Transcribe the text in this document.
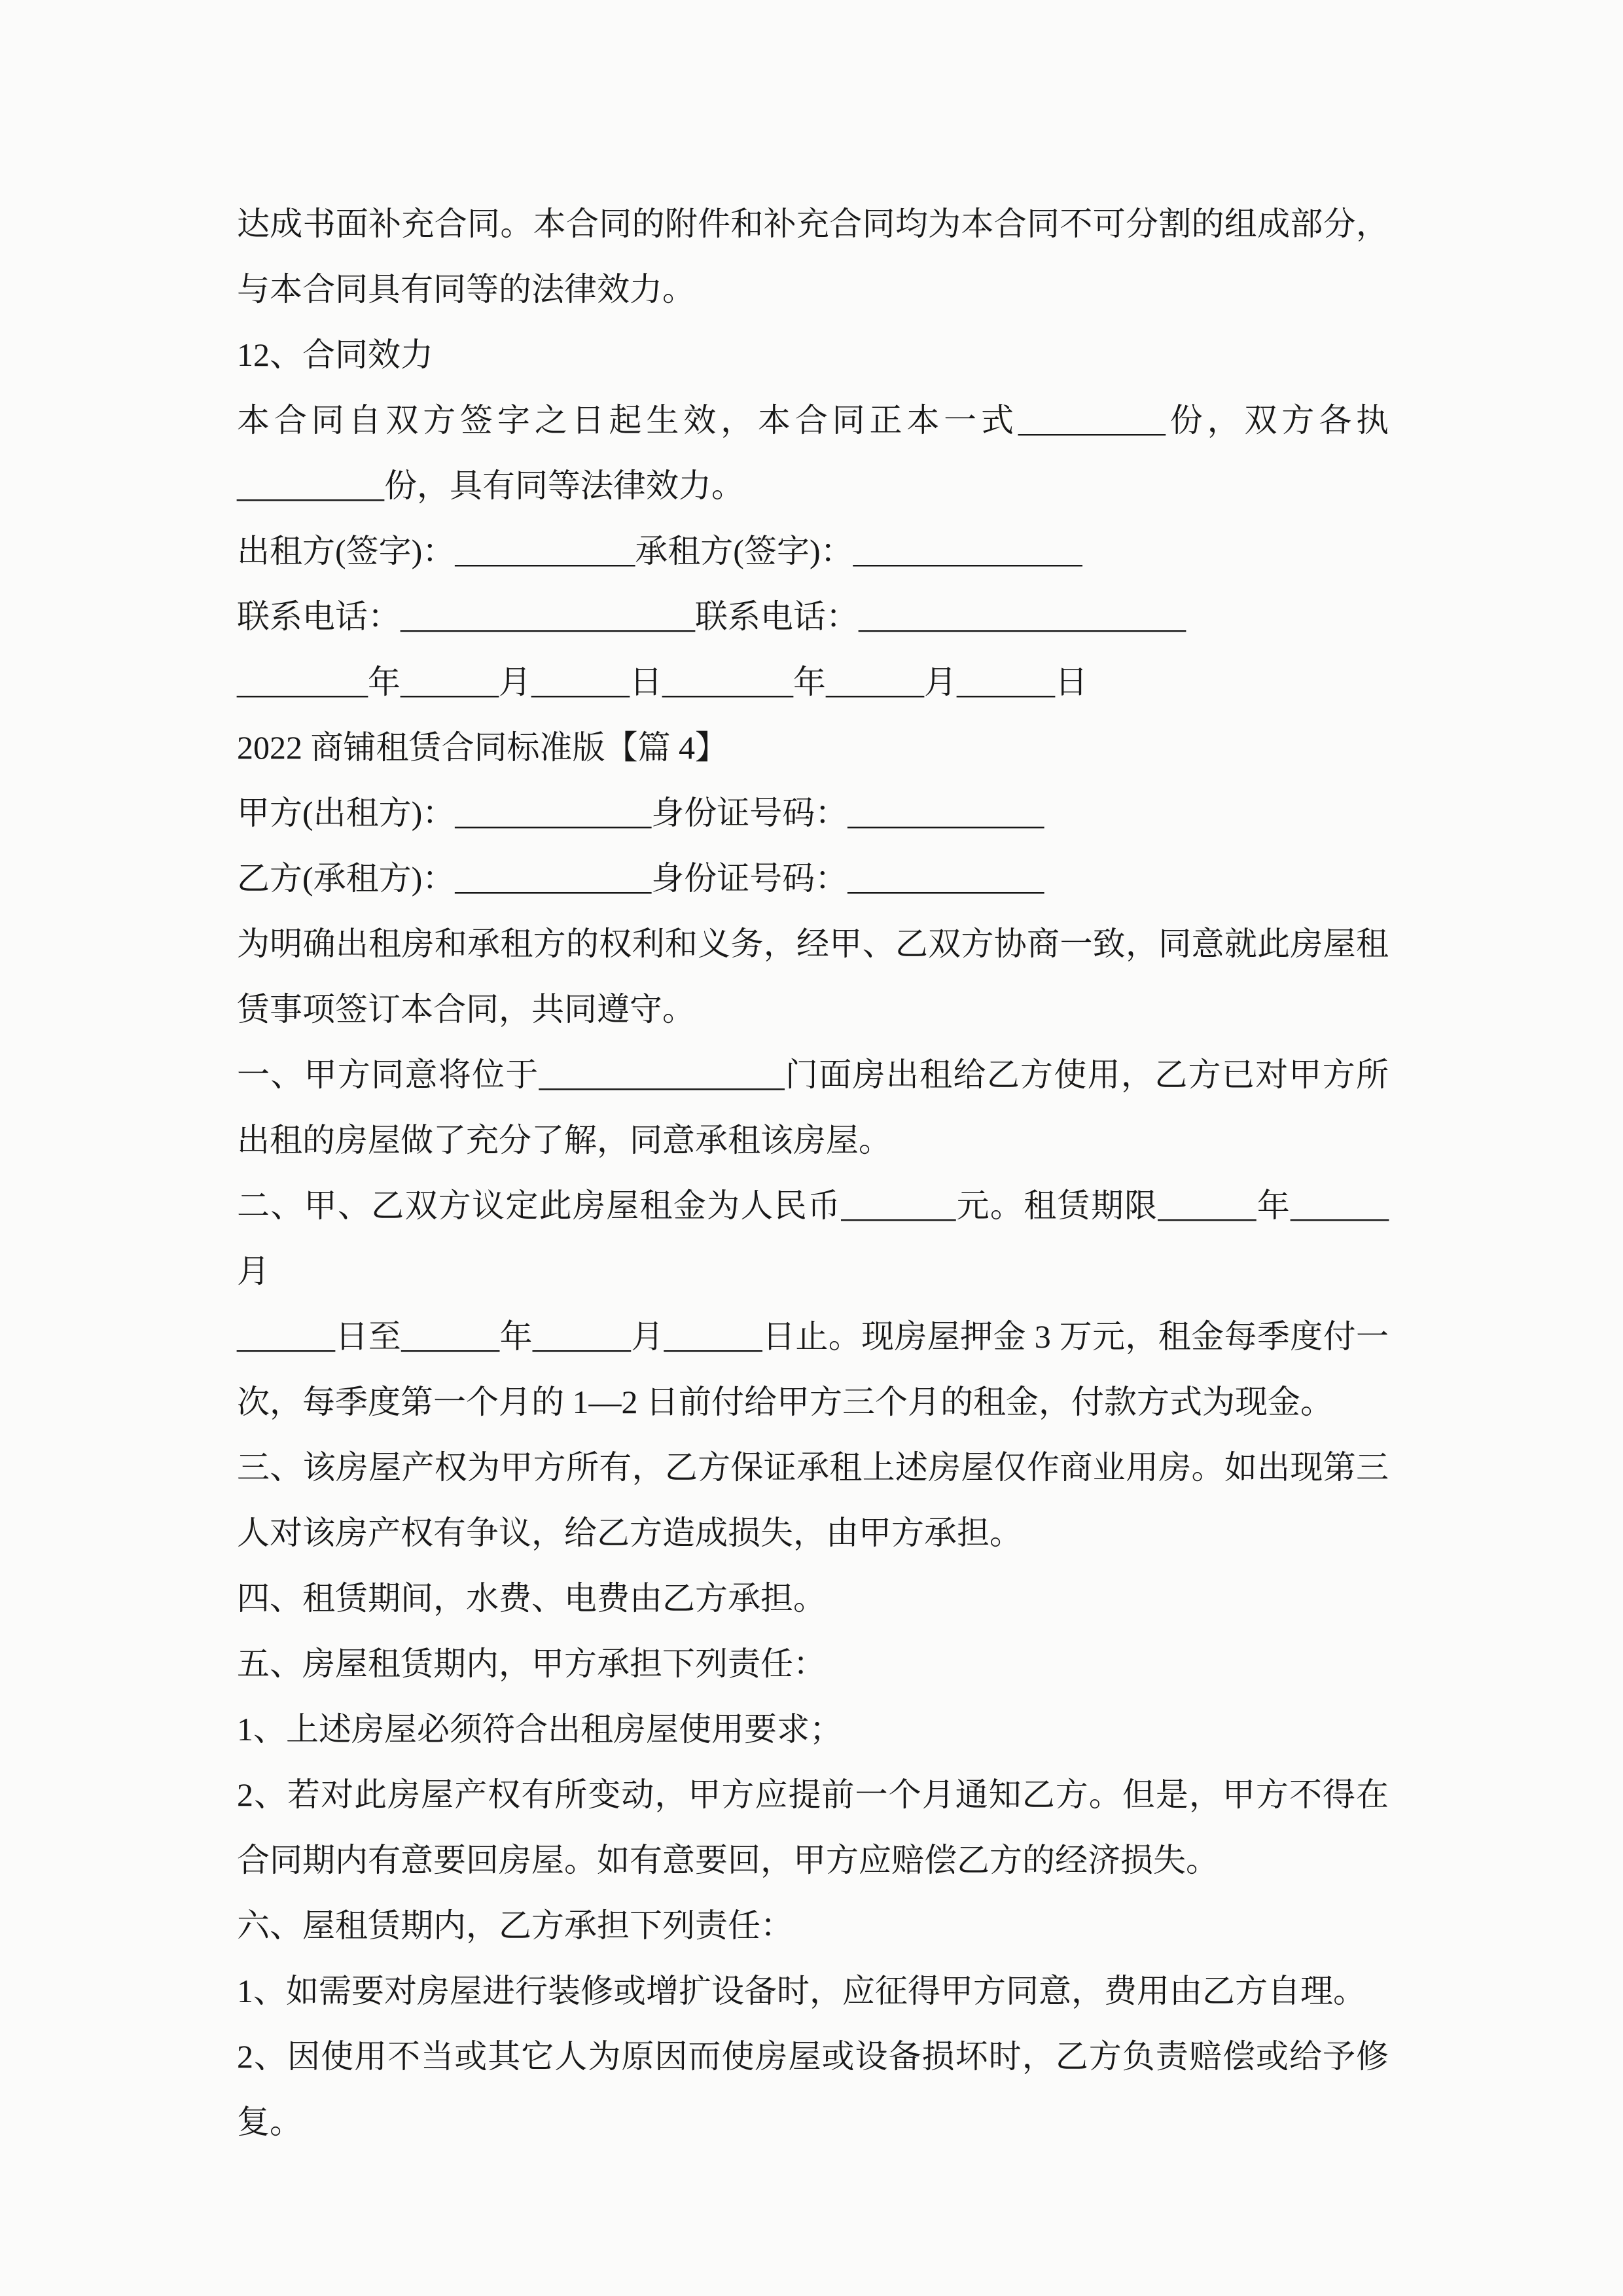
达成书面补充合同。本合同的附件和补充合同均为本合同不可分割的组成部分，

与本合同具有同等的法律效力。

12、合同效力

本合同自双方签字之日起生效，本合同正本一式_________份，双方各执

_________份，具有同等法律效力。

出租方(签字)：___________承租方(签字)：______________

联系电话：__________________联系电话：____________________

________年______月______日________年______月______日

2022 商铺租赁合同标准版【篇 4】

甲方(出租方)：____________身份证号码：____________

乙方(承租方)：____________身份证号码：____________

为明确出租房和承租方的权利和义务，经甲、乙双方协商一致，同意就此房屋租

赁事项签订本合同，共同遵守。

一、甲方同意将位于_______________门面房出租给乙方使用，乙方已对甲方所

出租的房屋做了充分了解，同意承租该房屋。

二、甲、乙双方议定此房屋租金为人民币_______元。租赁期限______年______月

______日至______年______月______日止。现房屋押金 3 万元，租金每季度付一

次，每季度第一个月的 1—2 日前付给甲方三个月的租金，付款方式为现金。

三、该房屋产权为甲方所有，乙方保证承租上述房屋仅作商业用房。如出现第三

人对该房产权有争议，给乙方造成损失，由甲方承担。

四、租赁期间，水费、电费由乙方承担。

五、房屋租赁期内，甲方承担下列责任：

1、上述房屋必须符合出租房屋使用要求；

2、若对此房屋产权有所变动，甲方应提前一个月通知乙方。但是，甲方不得在

合同期内有意要回房屋。如有意要回，甲方应赔偿乙方的经济损失。

六、屋租赁期内，乙方承担下列责任：

1、如需要对房屋进行装修或增扩设备时，应征得甲方同意，费用由乙方自理。

2、因使用不当或其它人为原因而使房屋或设备损坏时，乙方负责赔偿或给予修

复。
